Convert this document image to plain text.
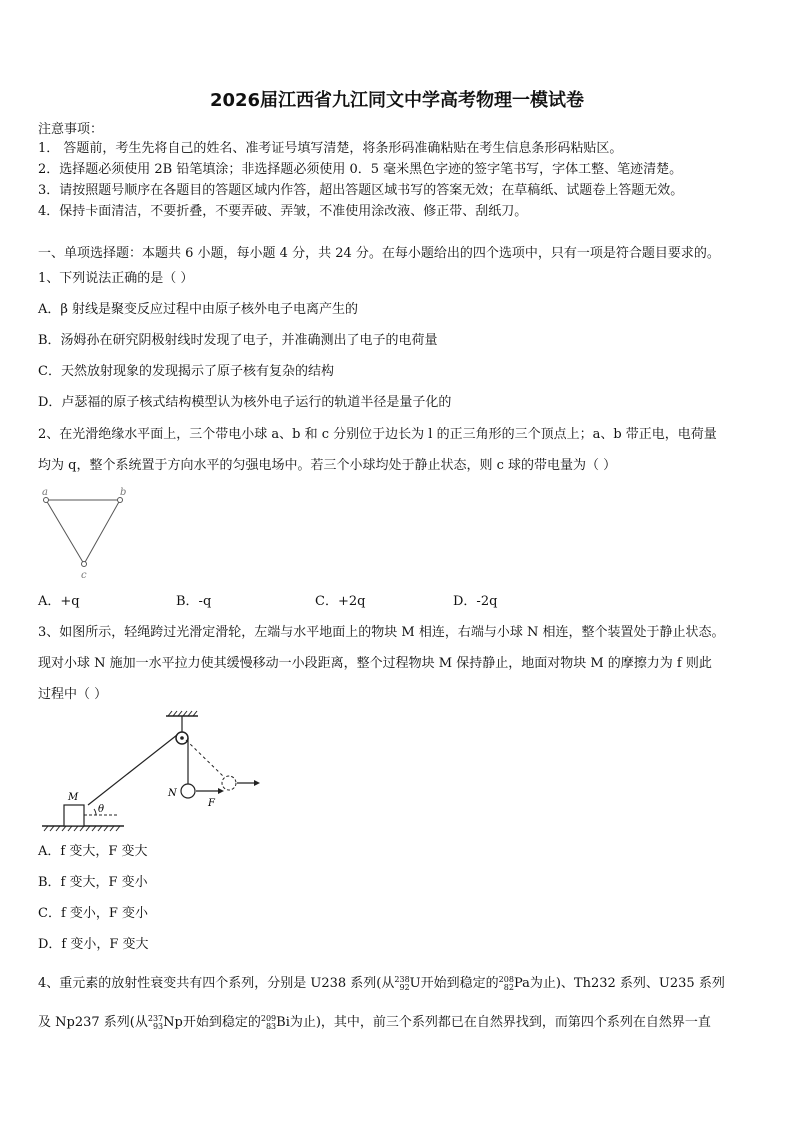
2026届江西省九江同文中学高考物理一模试卷
注意事项：
1． 答题前，考生先将自己的姓名、准考证号填写清楚，将条形码准确粘贴在考生信息条形码粘贴区。
2．选择题必须使用 2B 铅笔填涂；非选择题必须使用 0．5 毫米黑色字迹的签字笔书写，字体工整、笔迹清楚。
3．请按照题号顺序在各题目的答题区域内作答，超出答题区域书写的答案无效；在草稿纸、试题卷上答题无效。
4．保持卡面清洁，不要折叠，不要弄破、弄皱，不准使用涂改液、修正带、刮纸刀。
一、单项选择题：本题共 6 小题，每小题 4 分，共 24 分。在每小题给出的四个选项中，只有一项是符合题目要求的。
1、下列说法正确的是（ ）
A．β 射线是聚变反应过程中由原子核外电子电离产生的
B．汤姆孙在研究阴极射线时发现了电子，并准确测出了电子的电荷量
C．天然放射现象的发现揭示了原子核有复杂的结构
D．卢瑟福的原子核式结构模型认为核外电子运行的轨道半径是量子化的
2、在光滑绝缘水平面上，三个带电小球 a、b 和 c 分别位于边长为 l 的正三角形的三个顶点上；a、b 带正电，电荷量
均为 q，整个系统置于方向水平的匀强电场中。若三个小球均处于静止状态，则 c 球的带电量为（ ）
a	b
c
A．+q	B．-q	C．+2q	D．-2q
3、如图所示，轻绳跨过光滑定滑轮，左端与水平地面上的物块 M 相连，右端与小球 N 相连，整个装置处于静止状态。
现对小球 N 施加一水平拉力使其缓慢移动一小段距离，整个过程物块 M 保持静止，地面对物块 M 的摩擦力为 f 则此
过程中（ ）
M
θ
N
F
A．f 变大，F 变大
B．f 变大，F 变小
C．f 变小，F 变小
D．f 变小，F 变大
4、重元素的放射性衰变共有四个系列，分别是 U238 系列(从238
92U开始到稳定的208
82Pa为止)、Th232 系列、U235 系列
及 Np237 系列(从237
93Np开始到稳定的209
83Bi为止)，其中，前三个系列都已在自然界找到，而第四个系列在自然界一直
